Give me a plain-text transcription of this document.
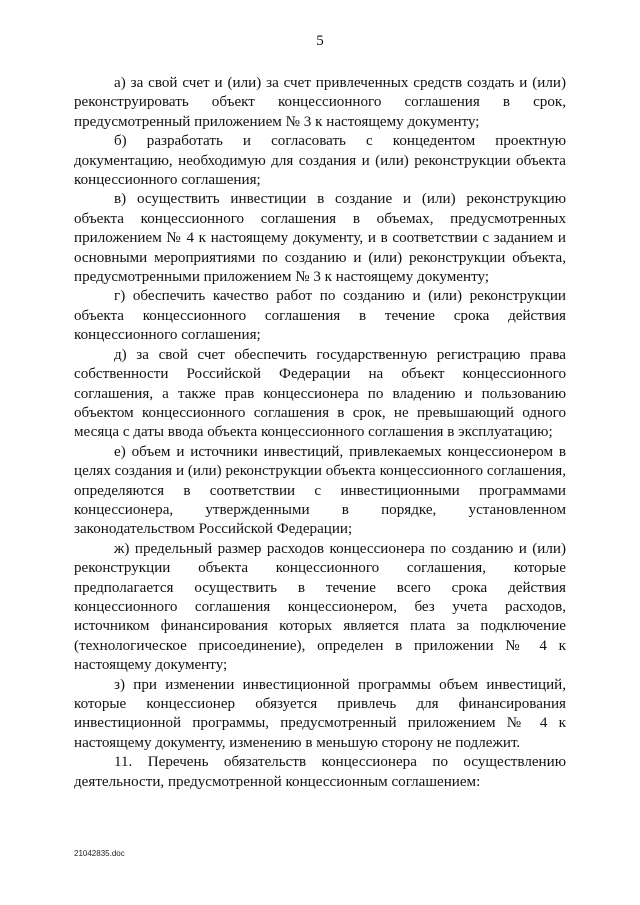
5

а) за свой счет и (или) за счет привлеченных средств создать и (или) реконструировать объект концессионного соглашения в срок, предусмотренный приложением № 3 к настоящему документу;

б) разработать и согласовать с концедентом проектную документацию, необходимую для создания и (или) реконструкции объекта концессионного соглашения;

в) осуществить инвестиции в создание и (или) реконструкцию объекта концессионного соглашения в объемах, предусмотренных приложением № 4 к настоящему документу, и в соответствии с заданием и основными мероприятиями по созданию и (или) реконструкции объекта, предусмотренными приложением № 3 к настоящему документу;

г) обеспечить качество работ по созданию и (или) реконструкции объекта концессионного соглашения в течение срока действия концессионного соглашения;

д) за свой счет обеспечить государственную регистрацию права собственности Российской Федерации на объект концессионного соглашения, а также прав концессионера по владению и пользованию объектом концессионного соглашения в срок, не превышающий одного месяца с даты ввода объекта концессионного соглашения в эксплуатацию;

е) объем и источники инвестиций, привлекаемых концессионером в целях создания и (или) реконструкции объекта концессионного соглашения, определяются в соответствии с инвестиционными программами концессионера, утвержденными в порядке, установленном законодательством Российской Федерации;

ж) предельный размер расходов концессионера по созданию и (или) реконструкции объекта концессионного соглашения, которые предполагается осуществить в течение всего срока действия концессионного соглашения концессионером, без учета расходов, источником финансирования которых является плата за подключение (технологическое присоединение), определен в приложении № 4 к настоящему документу;

з) при изменении инвестиционной программы объем инвестиций, которые концессионер обязуется привлечь для финансирования инвестиционной программы, предусмотренный приложением № 4 к настоящему документу, изменению в меньшую сторону не подлежит.

11. Перечень обязательств концессионера по осуществлению деятельности, предусмотренной концессионным соглашением:

21042835.doc
